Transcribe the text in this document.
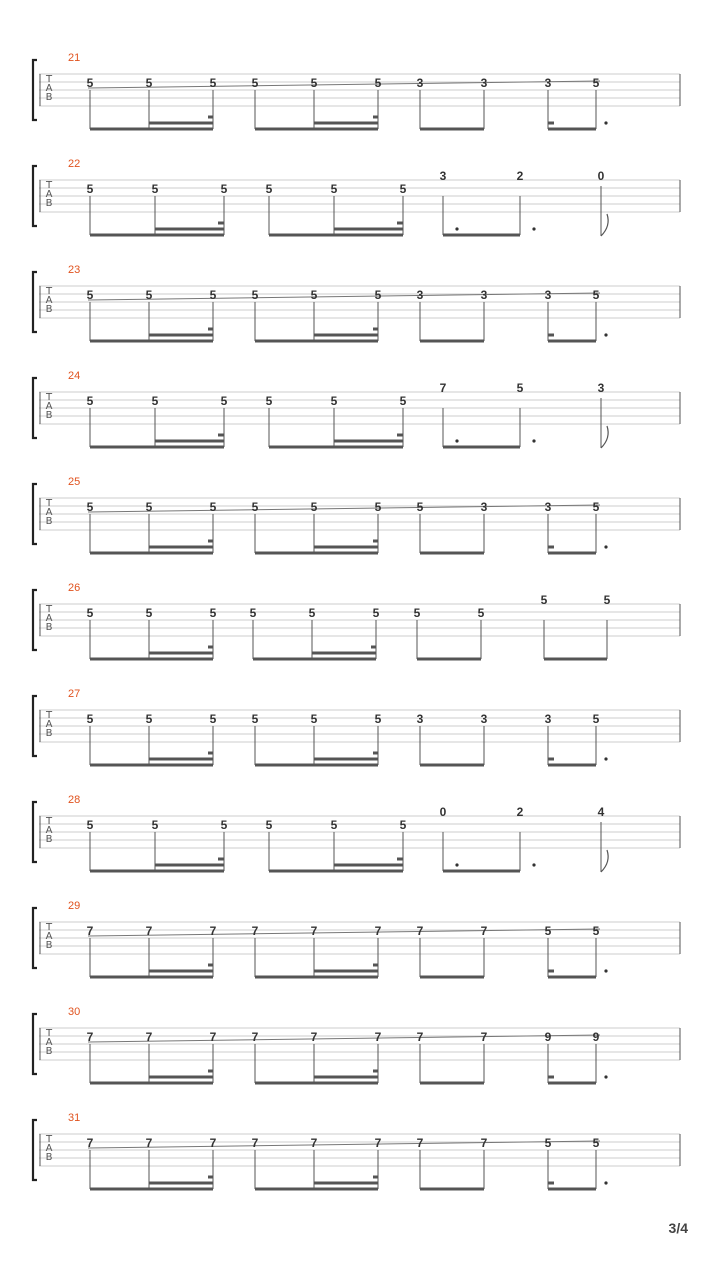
T
A
B
21
5	5	5	5	5	5	3	3	3	5
T
A
B
22
5	5	5	5	5	5
3	2	0
T
A
B
23
5	5	5	5	5	5	3	3	3	5
T
A
B
24
5	5	5	5	5	5
7	5	3
T
A
B
25
5	5	5	5	5	5	5	3	3	5
T
A
B
26
5	5	5	5	5	5	5	5
5	5
T
A
B
27
5	5	5	5	5	5	3	3	3	5
T
A
B
28
5	5	5	5	5	5
0	2	4
T
A
B
29
7	7	7	7	7	7	7	7	5	5
T
A
B
30
7	7	7	7	7	7	7	7	9	9
T
A
B
31
7	7	7	7	7	7	7	7	5	5
3/4
